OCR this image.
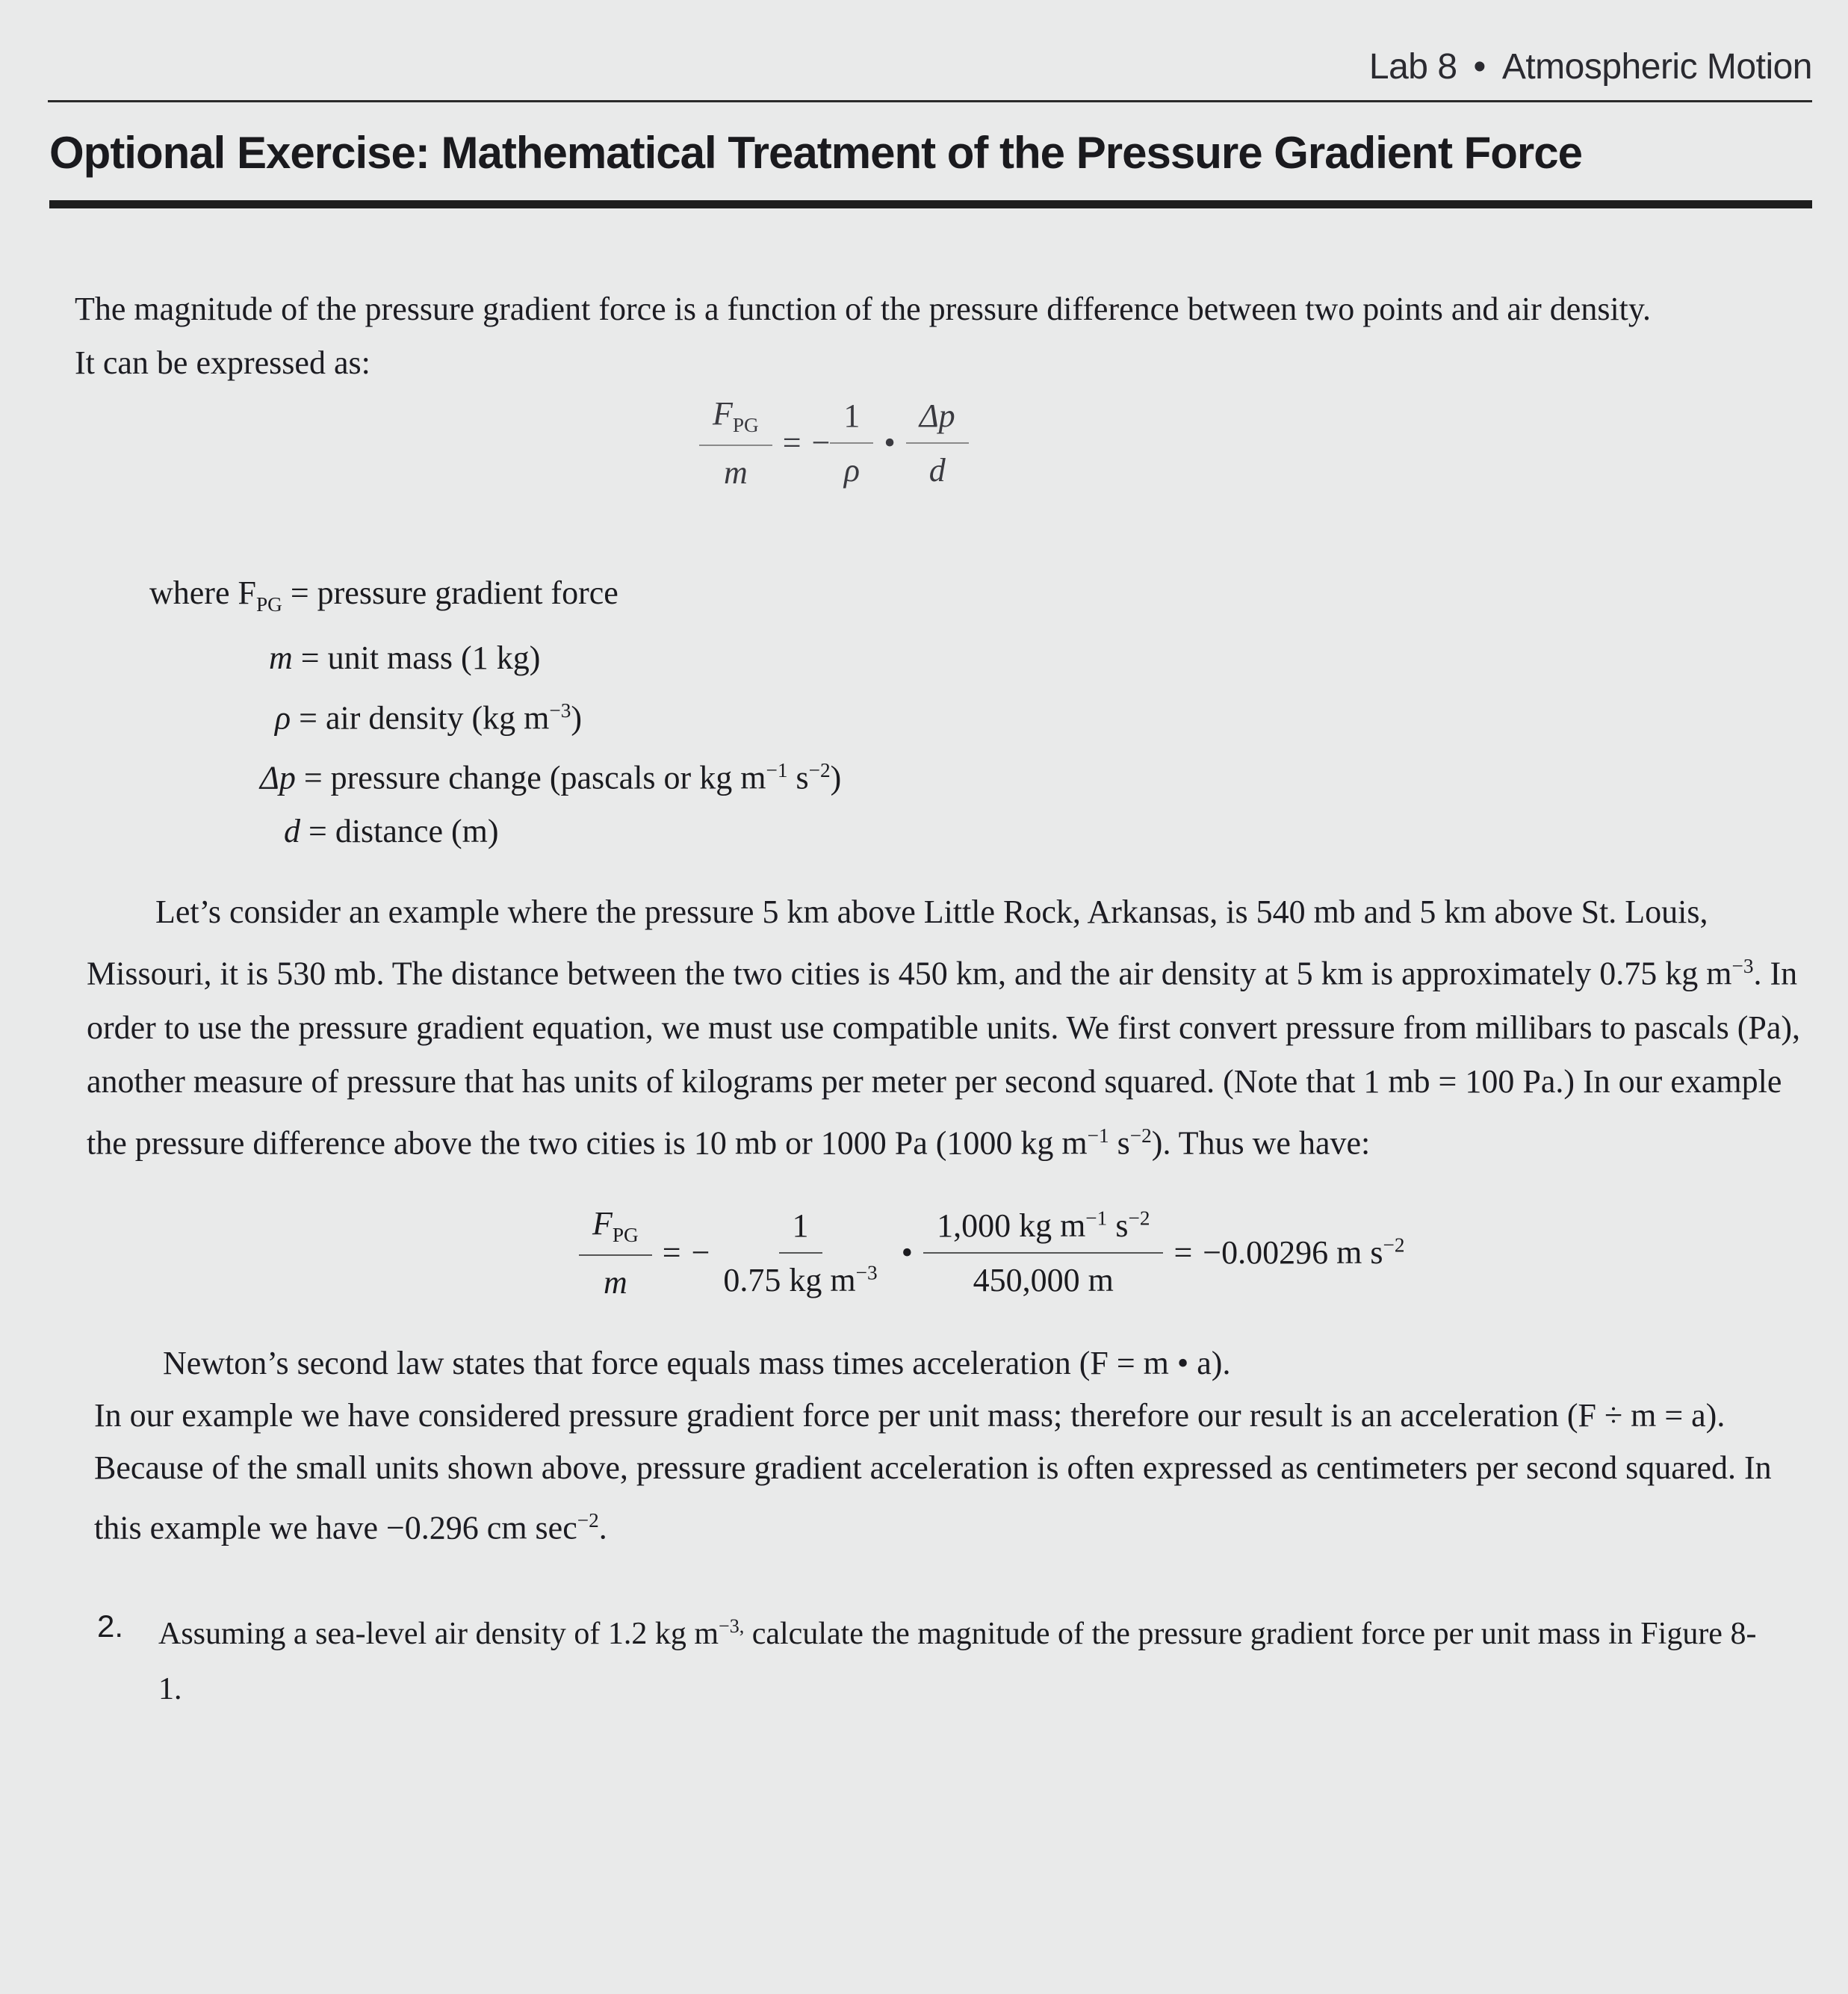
Lab 8 • Atmospheric Motion
Optional Exercise: Mathematical Treatment of the Pressure Gradient Force
The magnitude of the pressure gradient force is a function of the pressure difference between two points and air density.
It can be expressed as:
$\frac{F_{PG}}{m}$ = − $\frac{1}{\rho}$ • $\frac{\Delta p}{d}$
where $F_{PG}$ = pressure gradient force
m = unit mass (1 kg)
ρ = air density (kg $m^{-3}$)
Δp = pressure change (pascals or kg $m^{-1}$ $s^{-2}$)
d = distance (m)
Let’s consider an example where the pressure 5 km above Little Rock, Arkansas, is 540 mb and 5 km above St. Louis, Missouri, it is 530 mb. The distance between the two cities is 450 km, and the air density at 5 km is approximately 0.75 kg $m^{-3}$. In order to use the pressure gradient equation, we must use compatible units. We first convert pressure from millibars to pascals (Pa), another measure of pressure that has units of kilograms per meter per second squared. (Note that 1 mb = 100 Pa.) In our example the pressure difference above the two cities is 10 mb or 1000 Pa (1000 kg $m^{-1}$ $s^{-2}$). Thus we have:
$\frac{F_{PG}}{m}$ = − $\frac{1}{0.75 kg m^{-3}}$ • $\frac{1,000 kg m^{-1} s^{-2}}{450,000 m} = -0.00296$ m $s^{-2}$
Newton’s second law states that force equals mass times acceleration (F = m • a).
In our example we have considered pressure gradient force per unit mass; therefore our result is an acceleration (F ÷ m = a). Because of the small units shown above, pressure gradient acceleration is often expressed as centimeters per second squared. In this example we have −0.296 cm $\sec^{-2}$.
2. Assuming a sea-level air density of 1.2 kg $m^{-3,}$ calculate the magnitude of the pressure gradient force per unit mass in Figure 8-1.
